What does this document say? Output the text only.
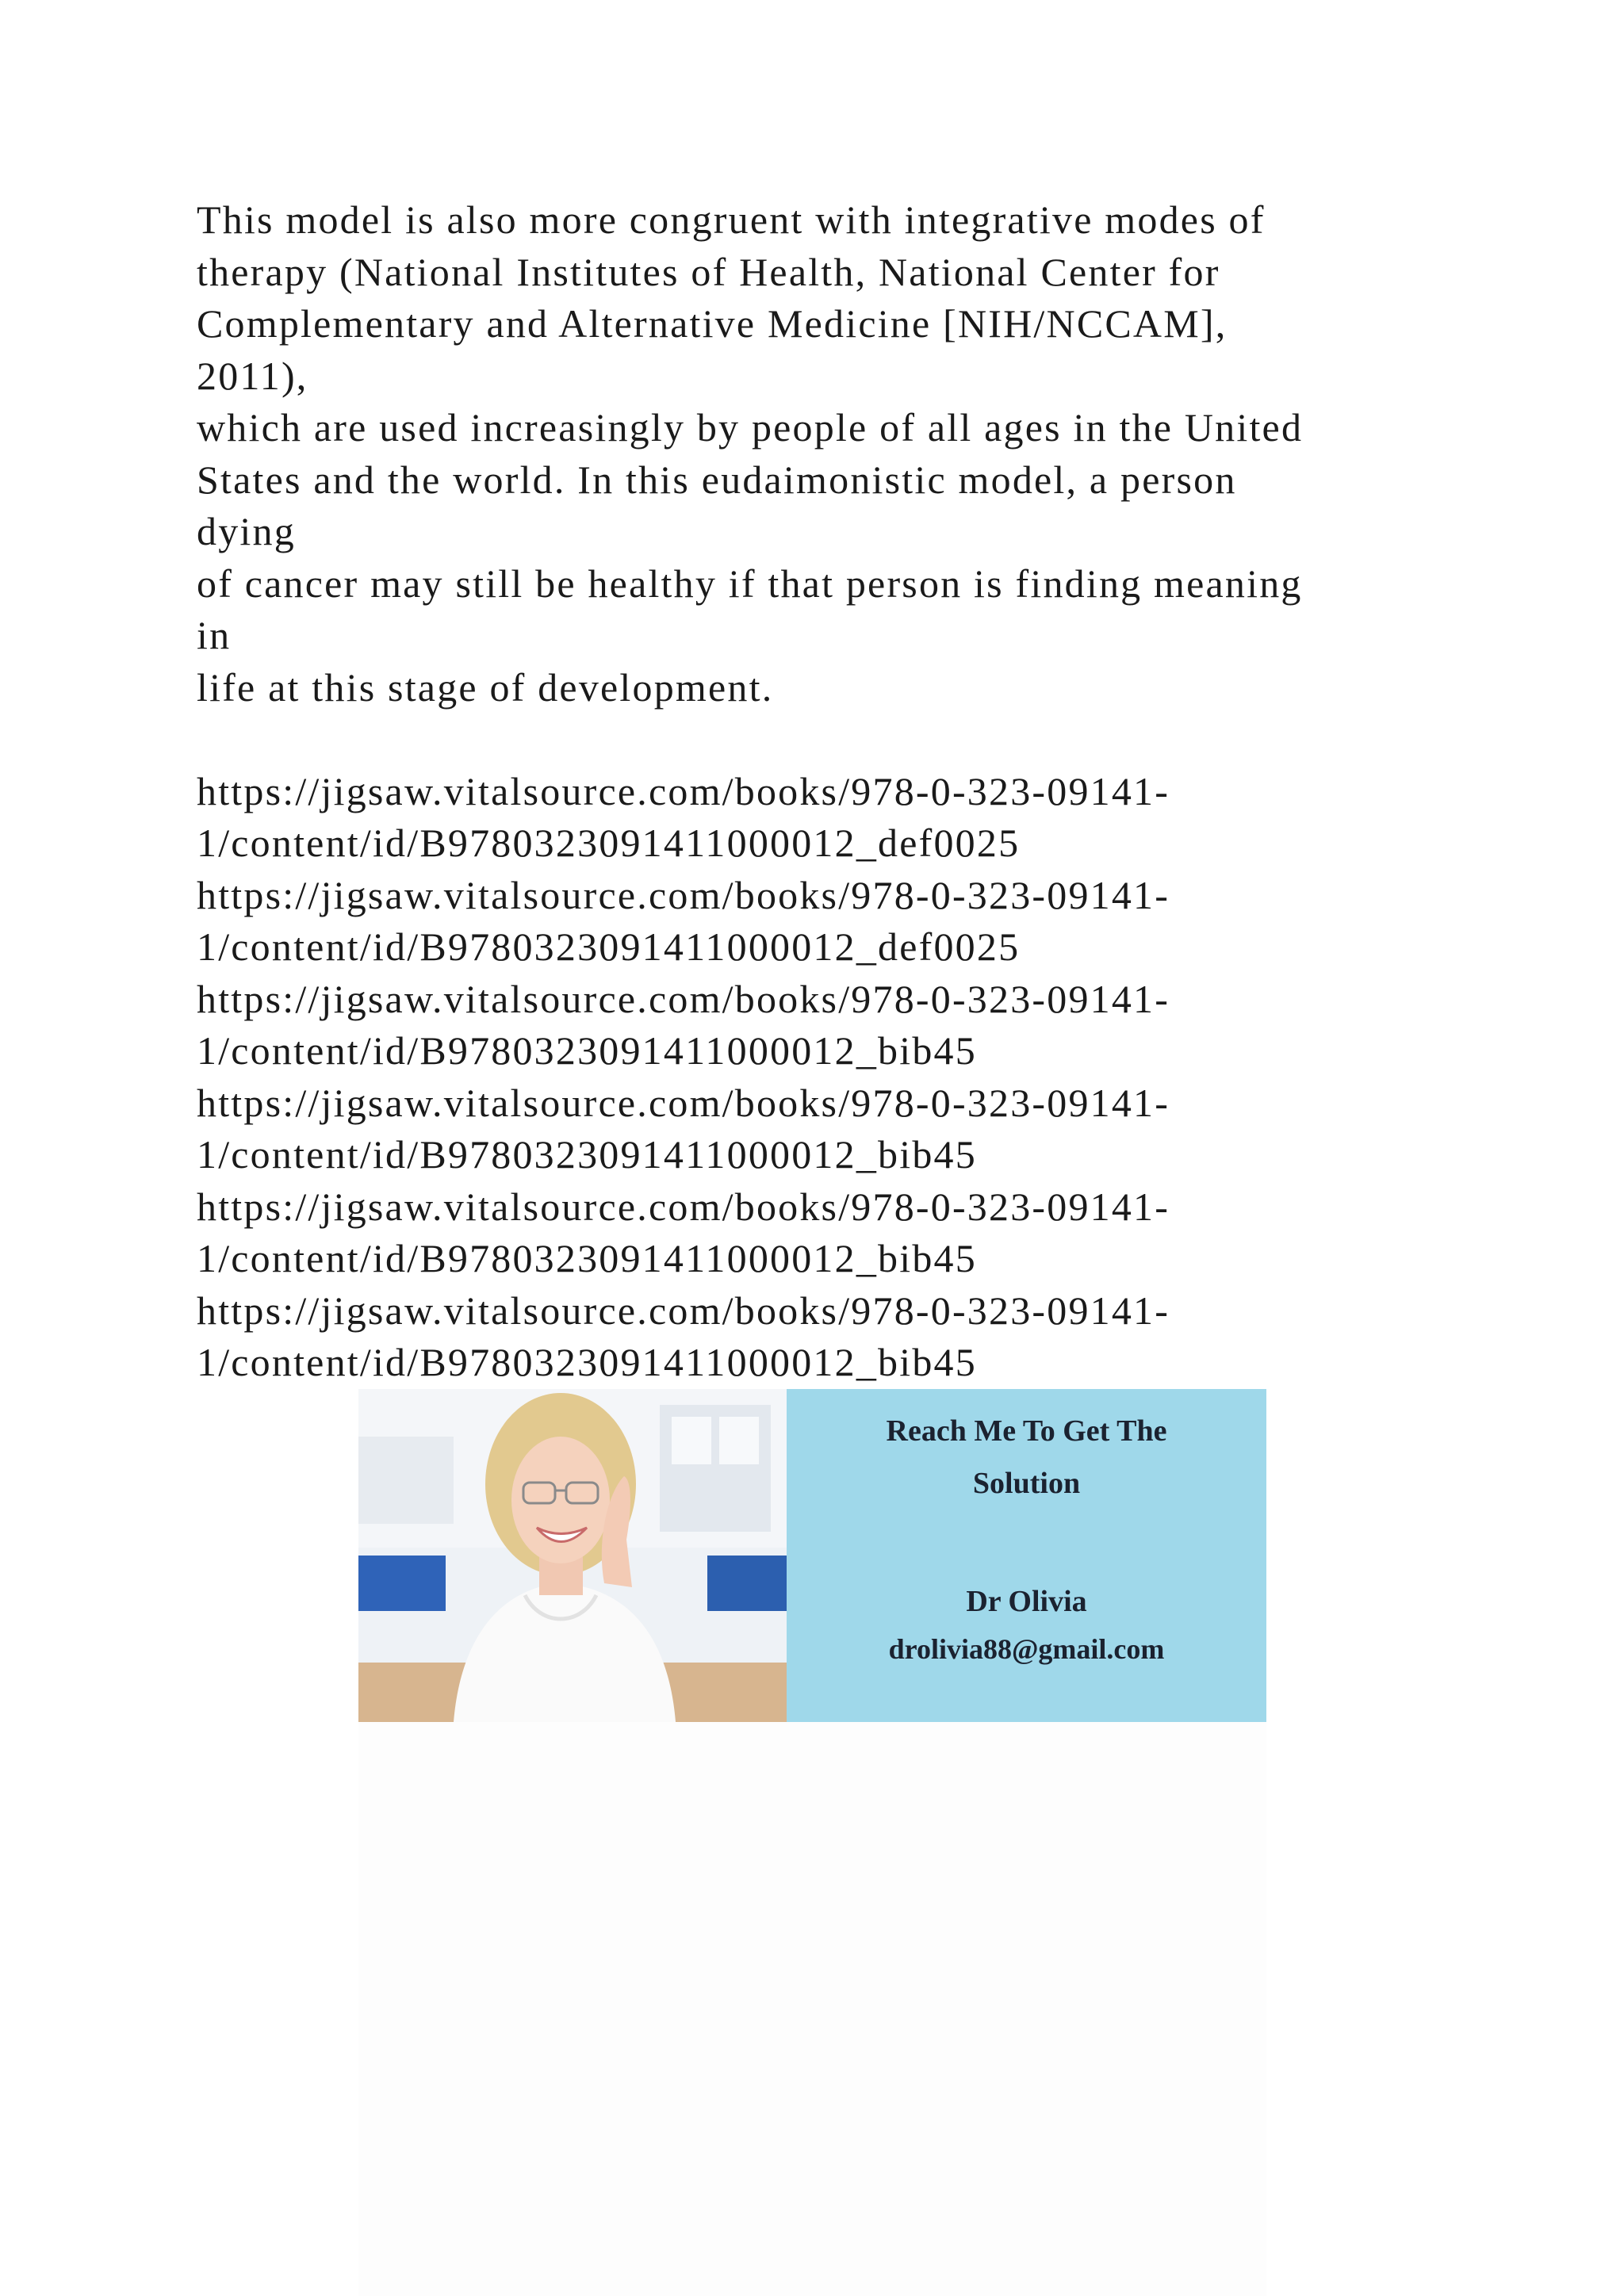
This model is also more congruent with integrative modes of
therapy (National Institutes of Health, National Center for
Complementary and Alternative Medicine [NIH/NCCAM],
2011),
which are used increasingly by people of all ages in the United
States and the world. In this eudaimonistic model, a person
dying
of cancer may still be healthy if that person is finding meaning
in
life at this stage of development.
https://jigsaw.vitalsource.com/books/978-0-323-09141-
1/content/id/B9780323091411000012_def0025
https://jigsaw.vitalsource.com/books/978-0-323-09141-
1/content/id/B9780323091411000012_def0025
https://jigsaw.vitalsource.com/books/978-0-323-09141-
1/content/id/B9780323091411000012_bib45
https://jigsaw.vitalsource.com/books/978-0-323-09141-
1/content/id/B9780323091411000012_bib45
https://jigsaw.vitalsource.com/books/978-0-323-09141-
1/content/id/B9780323091411000012_bib45
https://jigsaw.vitalsource.com/books/978-0-323-09141-
1/content/id/B9780323091411000012_bib45
Reach Me To Get The
Solution
Dr Olivia
drolivia88@gmail.com
